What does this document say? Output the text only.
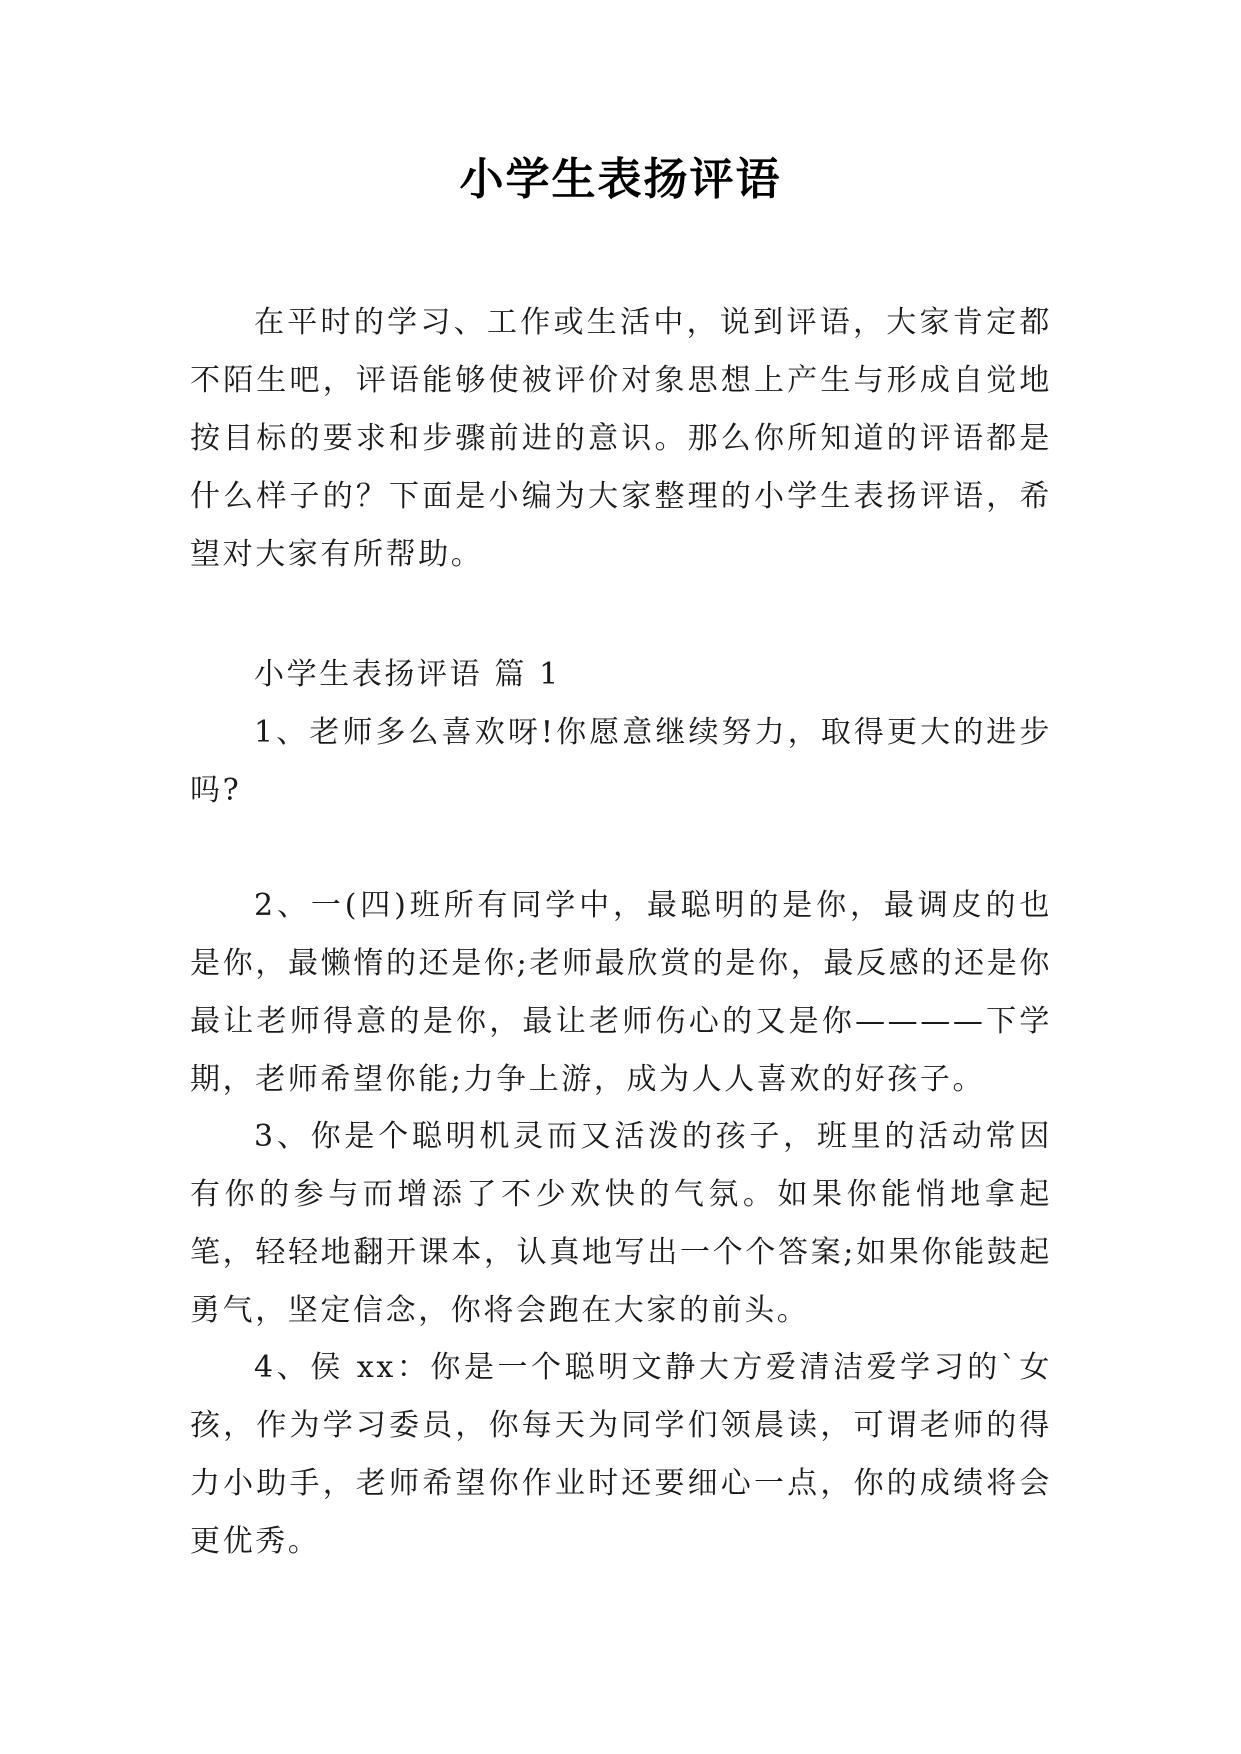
小学生表扬评语

在平时的学习、工作或生活中，说到评语，大家肯定都不陌生吧，评语能够使被评价对象思想上产生与形成自觉地按目标的要求和步骤前进的意识。那么你所知道的评语都是什么样子的？下面是小编为大家整理的小学生表扬评语，希望对大家有所帮助。

小学生表扬评语 篇 1

1、老师多么喜欢呀!你愿意继续努力，取得更大的进步吗?

2、一(四)班所有同学中，最聪明的是你，最调皮的也是你，最懒惰的还是你;老师最欣赏的是你，最反感的还是你最让老师得意的是你，最让老师伤心的又是你————下学期，老师希望你能;力争上游，成为人人喜欢的好孩子。

3、你是个聪明机灵而又活泼的孩子，班里的活动常因有你的参与而增添了不少欢快的气氛。如果你能悄地拿起笔，轻轻地翻开课本，认真地写出一个个答案;如果你能鼓起勇气，坚定信念，你将会跑在大家的前头。

4、侯 xx：你是一个聪明文静大方爱清洁爱学习的`女孩，作为学习委员，你每天为同学们领晨读，可谓老师的得力小助手，老师希望你作业时还要细心一点，你的成绩将会更优秀。
